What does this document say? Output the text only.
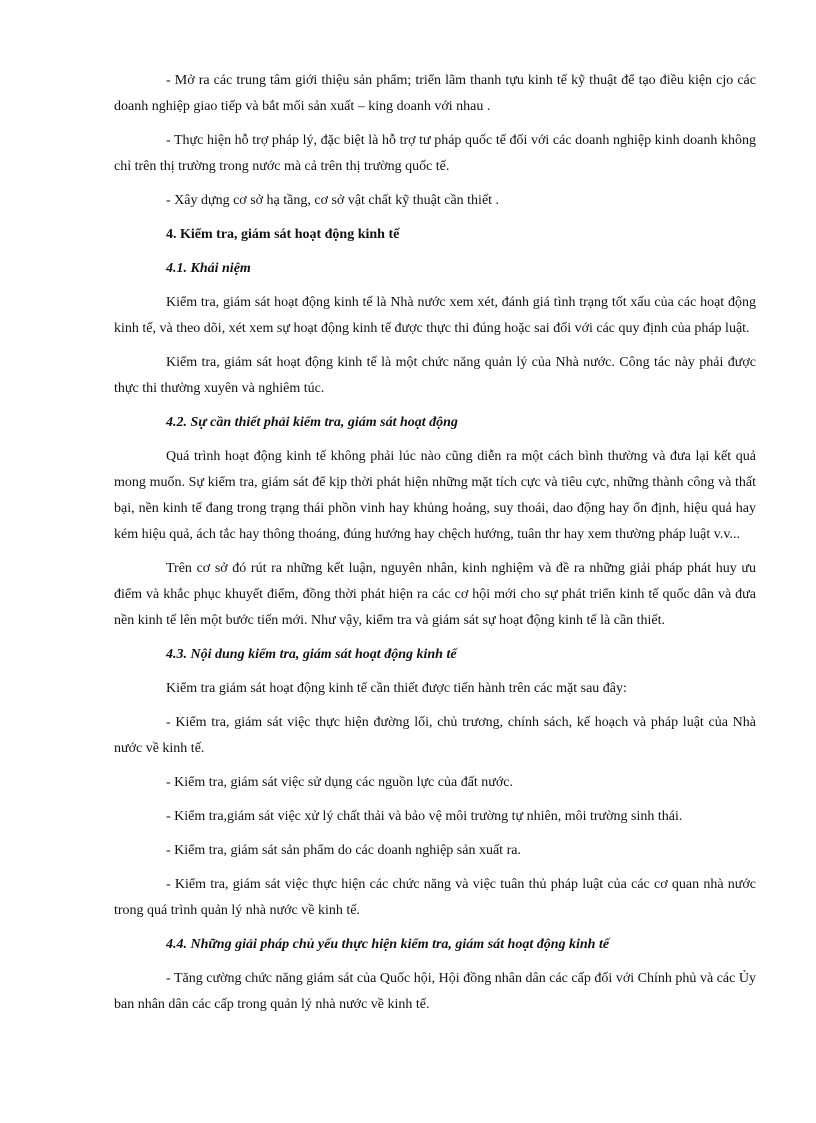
- Mở ra các trung tâm giới thiệu sản phẩm; triển lãm thanh tựu kinh tế kỹ thuật để tạo điều kiện cjo các doanh nghiệp giao tiếp và bắt mối sản xuất – king doanh với nhau .

- Thực hiện hỗ trợ pháp lý, đặc biệt là hỗ trợ tư pháp quốc tế đối với các doanh nghiệp kinh doanh không chỉ trên thị trường trong nước mà cả trên thị trường quốc tế.

- Xây dựng cơ sở hạ tầng, cơ sở vật chất kỹ thuật cần thiết .

4. Kiểm tra, giám sát hoạt động kinh tế

4.1. Khái niệm

Kiểm tra, giám sát hoạt động kinh tế là Nhà nước xem xét, đánh giá tình trạng tốt xấu của các hoạt động kinh tế, và theo dõi, xét xem sự hoạt động kinh tế được thực thi đúng hoặc sai đối với các quy định của pháp luật.

Kiểm tra, giám sát hoạt động kinh tế là một chức năng quản lý của Nhà nước. Công tác này phải được thực thi thường xuyên và nghiêm túc.

4.2. Sự cần thiết phải kiểm tra, giám sát hoạt động

Quá trình hoạt động kinh tế không phải lúc nào cũng diễn ra một cách bình thường và đưa lại kết quả mong muốn. Sự kiểm tra, giám sát để kịp thời phát hiện những mặt tích cực và tiêu cực, những thành công và thất bại, nền kinh tế đang trong trạng thái phồn vinh hay khủng hoảng, suy thoái, dao động hay ổn định, hiệu quả hay kém hiệu quả, ách tắc hay thông thoáng, đúng hướng hay chệch hướng, tuân thr hay xem thường pháp luật v.v...

Trên cơ sở đó rút ra những kết luận, nguyên nhân, kinh nghiệm và đề ra những giải pháp phát huy ưu điểm và khắc phục khuyết điểm, đồng thời phát hiện ra các cơ hội mới cho sự phát triển kinh tế quốc dân và đưa nền kinh tế lên một bước tiến mới. Như vậy, kiểm tra và giám sát sự hoạt động kinh tế là cần thiết.

4.3. Nội dung kiểm tra, giám sát hoạt động kinh tế

Kiểm tra giám sát hoạt động kinh tế cần thiết được tiến hành trên các mặt sau đây:

- Kiểm tra, giám sát việc thực hiện đường lối, chủ trương, chính sách, kế hoạch và pháp luật của Nhà nước về kinh tế.

- Kiểm tra, giám sát việc sử dụng các nguồn lực của đất nước.

- Kiểm tra,giám sát việc xử lý chất thải và bảo vệ môi trường tự nhiên, môi trường sinh thái.

- Kiểm tra, giám sát sản phẩm do các doanh nghiệp sản xuất ra.

- Kiểm tra, giám sát việc thực hiện các chức năng và việc tuân thủ pháp luật của các cơ quan nhà nước trong quá trình quản lý nhà nước về kinh tế.

4.4. Những giải pháp chủ yếu thực hiện kiểm tra, giám sát hoạt động kinh tế

- Tăng cường chức năng giám sát của Quốc hội, Hội đồng nhân dân các cấp đối với Chính phủ và các Ủy ban nhân dân các cấp trong quản lý nhà nước về kinh tế.
